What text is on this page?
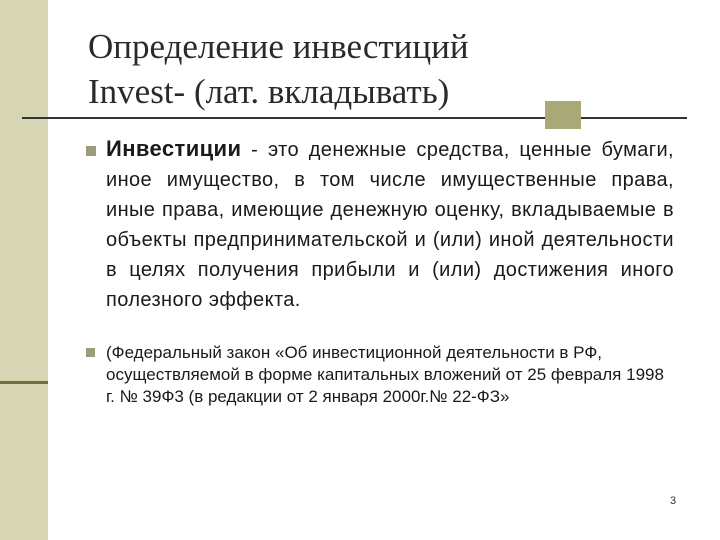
Определение инвестиций
Invest- (лат. вкладывать)
Инвестиции - это денежные средства, ценные бумаги, иное имущество, в том числе имущественные права, иные права, имеющие денежную оценку, вкладываемые в объекты предпринимательской и (или) иной деятельности в целях получения прибыли и (или) достижения иного полезного эффекта.
(Федеральный закон «Об инвестиционной деятельности в РФ, осуществляемой в форме капитальных вложений от 25 февраля 1998 г. № 39Ф3 (в редакции от 2 января 2000г.№ 22-ФЗ»
3
